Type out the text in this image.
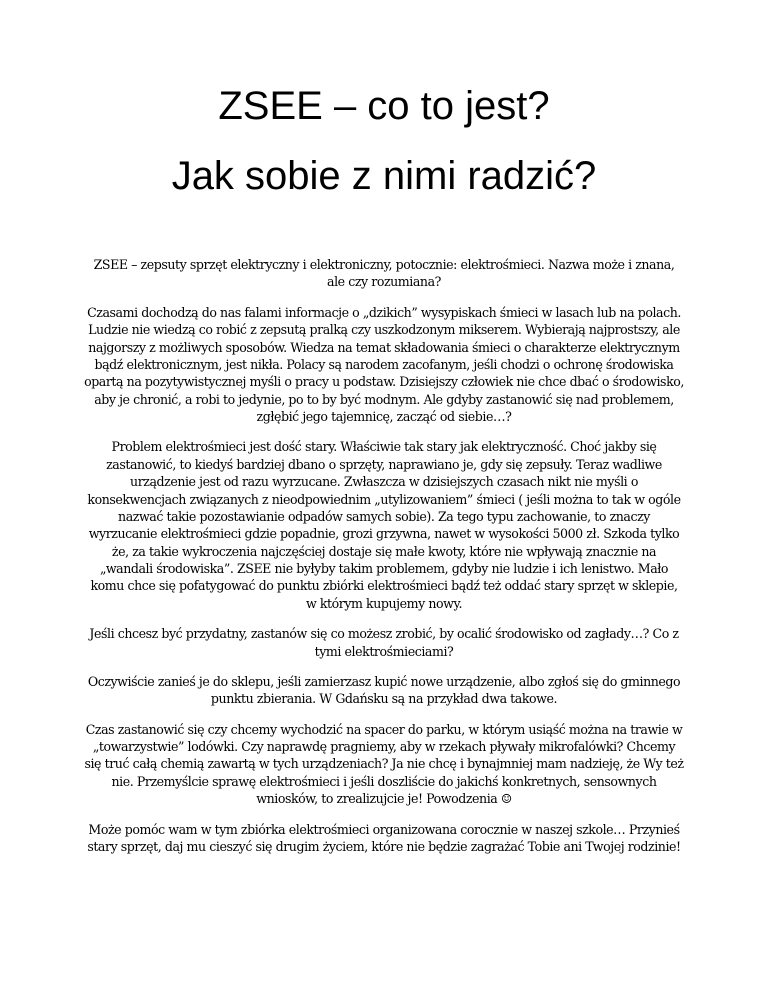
ZSEE – co to jest?
Jak sobie z nimi radzić?

ZSEE – zepsuty sprzęt elektryczny i elektroniczny, potocznie: elektrośmieci. Nazwa może i znana, ale czy rozumiana?

Czasami dochodzą do nas falami informacje o „dzikich” wysypiskach śmieci w lasach lub na polach. Ludzie nie wiedzą co robić z zepsutą pralką czy uszkodzonym mikserem. Wybierają najprostszy, ale najgorszy z możliwych sposobów. Wiedza na temat składowania śmieci o charakterze elektrycznym bądź elektronicznym, jest nikła. Polacy są narodem zacofanym, jeśli chodzi o ochronę środowiska opartą na pozytywistycznej myśli o pracy u podstaw. Dzisiejszy człowiek nie chce dbać o środowisko, aby je chronić, a robi to jedynie, po to by być modnym. Ale gdyby zastanowić się nad problemem, zgłębić jego tajemnicę, zacząć od siebie…?

Problem elektrośmieci jest dość stary. Właściwie tak stary jak elektryczność. Choć jakby się zastanowić, to kiedyś bardziej dbano o sprzęty, naprawiano je, gdy się zepsuły. Teraz wadliwe urządzenie jest od razu wyrzucane. Zwłaszcza w dzisiejszych czasach nikt nie myśli o konsekwencjach związanych z nieodpowiednim „utylizowaniem” śmieci ( jeśli można to tak w ogóle nazwać takie pozostawianie odpadów samych sobie). Za tego typu zachowanie, to znaczy wyrzucanie elektrośmieci gdzie popadnie, grozi grzywna, nawet w wysokości 5000 zł. Szkoda tylko że, za takie wykroczenia najczęściej dostaje się małe kwoty, które nie wpływają znacznie na „wandali środowiska”. ZSEE nie byłyby takim problemem, gdyby nie ludzie i ich lenistwo. Mało komu chce się pofatygować do punktu zbiórki elektrośmieci bądź też oddać stary sprzęt w sklepie, w którym kupujemy nowy.

Jeśli chcesz być przydatny, zastanów się co możesz zrobić, by ocalić środowisko od zagłady…? Co z tymi elektrośmieciami?

Oczywiście zanieś je do sklepu, jeśli zamierzasz kupić nowe urządzenie, albo zgłoś się do gminnego punktu zbierania. W Gdańsku są na przykład dwa takowe.

Czas zastanowić się czy chcemy wychodzić na spacer do parku, w którym usiąść można na trawie w „towarzystwie” lodówki. Czy naprawdę pragniemy, aby w rzekach pływały mikrofalówki? Chcemy się truć całą chemią zawartą w tych urządzeniach? Ja nie chcę i bynajmniej mam nadzieję, że Wy też nie. Przemyślcie sprawę elektrośmieci i jeśli doszliście do jakichś konkretnych, sensownych wniosków, to zrealizujcie je! Powodzenia ☺

Może pomóc wam w tym zbiórka elektrośmieci organizowana corocznie w naszej szkole… Przynieś stary sprzęt, daj mu cieszyć się drugim życiem, które nie będzie zagrażać Tobie ani Twojej rodzinie!
